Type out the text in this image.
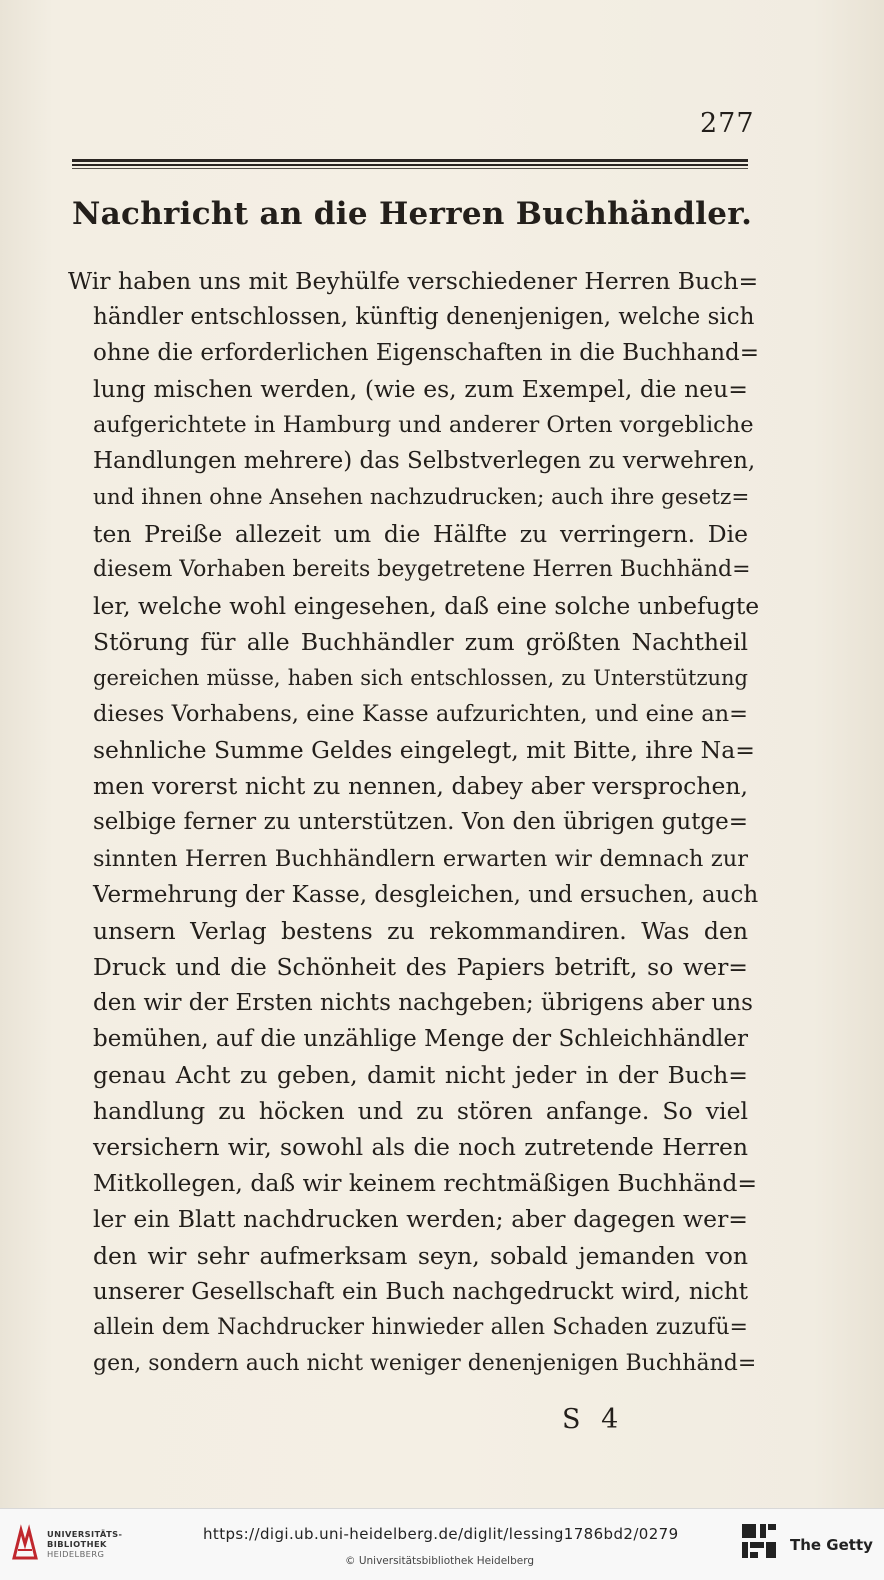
277
Nachricht an die Herren Buchhändler.
Wir haben uns mit Beyhülfe verschiedener Herren Buch=
händler entschlossen, künftig denenjenigen, welche sich
ohne die erforderlichen Eigenschaften in die Buchhand=
lung mischen werden, (wie es, zum Exempel, die neu=
aufgerichtete in Hamburg und anderer Orten vorgebliche
Handlungen mehrere) das Selbstverlegen zu verwehren,
und ihnen ohne Ansehen nachzudrucken; auch ihre gesetz=
ten Preiße allezeit um die Hälfte zu verringern. Die
diesem Vorhaben bereits beygetretene Herren Buchhänd=
ler, welche wohl eingesehen, daß eine solche unbefugte
Störung für alle Buchhändler zum größten Nachtheil
gereichen müsse, haben sich entschlossen, zu Unterstützung
dieses Vorhabens, eine Kasse aufzurichten, und eine an=
sehnliche Summe Geldes eingelegt, mit Bitte, ihre Na=
men vorerst nicht zu nennen, dabey aber versprochen,
selbige ferner zu unterstützen. Von den übrigen gutge=
sinnten Herren Buchhändlern erwarten wir demnach zur
Vermehrung der Kasse, desgleichen, und ersuchen, auch
unsern Verlag bestens zu rekommandiren. Was den
Druck und die Schönheit des Papiers betrift, so wer=
den wir der Ersten nichts nachgeben; übrigens aber uns
bemühen, auf die unzählige Menge der Schleichhändler
genau Acht zu geben, damit nicht jeder in der Buch=
handlung zu höcken und zu stören anfange. So viel
versichern wir, sowohl als die noch zutretende Herren
Mitkollegen, daß wir keinem rechtmäßigen Buchhänd=
ler ein Blatt nachdrucken werden; aber dagegen wer=
den wir sehr aufmerksam seyn, sobald jemanden von
unserer Gesellschaft ein Buch nachgedruckt wird, nicht
allein dem Nachdrucker hinwieder allen Schaden zuzufü=
gen, sondern auch nicht weniger denenjenigen Buchhänd=
S 4
UNIVERSITÄTS-
BIBLIOTHEK
HEIDELBERG
https://digi.ub.uni-heidelberg.de/diglit/lessing1786bd2/0279
© Universitätsbibliothek Heidelberg
The Getty
